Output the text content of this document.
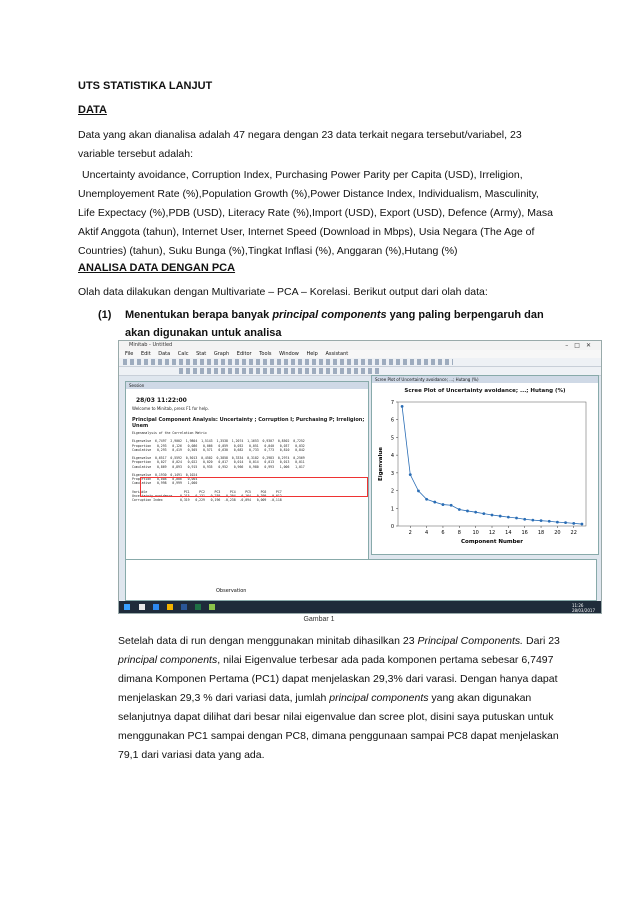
UTS STATISTIKA LANJUT
DATA
Data yang akan dianalisa adalah 47 negara dengan 23 data terkait negara tersebut/variabel, 23 variable tersebut adalah:
Uncertainty avoidance, Corruption Index, Purchasing Power Parity per Capita (USD), Irreligion,
Unemployement Rate (%),Population Growth (%),Power Distance Index, Individualism, Masculinity,
Life Expectacy (%),PDB (USD), Literacy Rate (%),Import (USD), Export (USD), Defence (Army), Masa
Aktif Anggota (tahun), Internet User, Internet Speed (Download in Mbps), Usia Negara (The Age of
Countries) (tahun), Suku Bunga (%),Tingkat Inflasi (%), Anggaran (%),Hutang (%)
ANALISA DATA DENGAN PCA
Olah data dilakukan dengan Multivariate – PCA – Korelasi. Berikut output dari olah data:
(1) Menentukan berapa banyak principal components yang paling berpengaruh dan akan digunakan untuk analisa
Minitab - Untitled	–□✕
File Edit Data Calc Stat Graph Editor Tools Window Help Assistant
Session
28/03 11:22:00
Welcome to Minitab, press F1 for help.
Principal Component Analysis: Uncertainty ; Corruption I; Purchasing P; Irreligion; Unem
Eigenanalysis of the Correlation Matrix

Eigenvalue  6,7497  2,9002  1,9804  1,5143  1,3538  1,2074  1,1653  0,9307  0,8502  0,7252
Proportion   0,293   0,126   0,086   0,066   0,059   0,052   0,051   0,040   0,037   0,032
Cumulative   0,293   0,419   0,505   0,571   0,630   0,682   0,733   0,773   0,810   0,842

Eigenvalue  0,6517  0,5592  0,5013  0,4502  0,3858  0,3334  0,3182  0,2983  0,2974  0,2569
Proportion   0,027   0,024   0,022   0,020   0,017   0,014   0,014   0,013   0,013   0,011
Cumulative   0,869   0,893   0,915   0,935   0,952   0,966   0,980   0,993   1,006   1,017

Eigenvalue  0,1930  0,1491  0,1024
Proportion   0,008   0,006   0,004
Cumulative   0,998   0,999   1,000

Variable                   PC1     PC2     PC3     PC4     PC5     PC6     PC7
Uncertainty avoidance   -0,215  -0,131  -0,259   0,304  -0,164  -0,399   0,012
Corruption Index         0,319   0,229   0,196  -0,238  -0,094   0,009  -0,118
Scree Plot of Uncertainty avoidance; ...; Hutang (%)
Scree Plot of Uncertainty avoidance; ...; Hutang (%)
0
1
2
3
4
5
6
7
2	4	6	8 10 12 14 16 18 20 22
Component Number
Eigenvalue
Observation
11:26
28/03/2017
Gambar 1
Setelah data di run dengan menggunakan minitab dihasilkan 23 Principal Components. Dari 23 principal components, nilai Eigenvalue terbesar ada pada komponen pertama sebesar 6,7497 dimana Komponen Pertama (PC1) dapat menjelaskan 29,3% dari varasi. Dengan hanya dapat menjelaskan 29,3 % dari variasi data, jumlah principal components yang akan digunakan selanjutnya dapat dilihat dari besar nilai eigenvalue dan scree plot, disini saya putuskan untuk menggunakan PC1 sampai dengan PC8, dimana penggunaan sampai PC8 dapat menjelaskan 79,1 dari variasi data yang ada.
